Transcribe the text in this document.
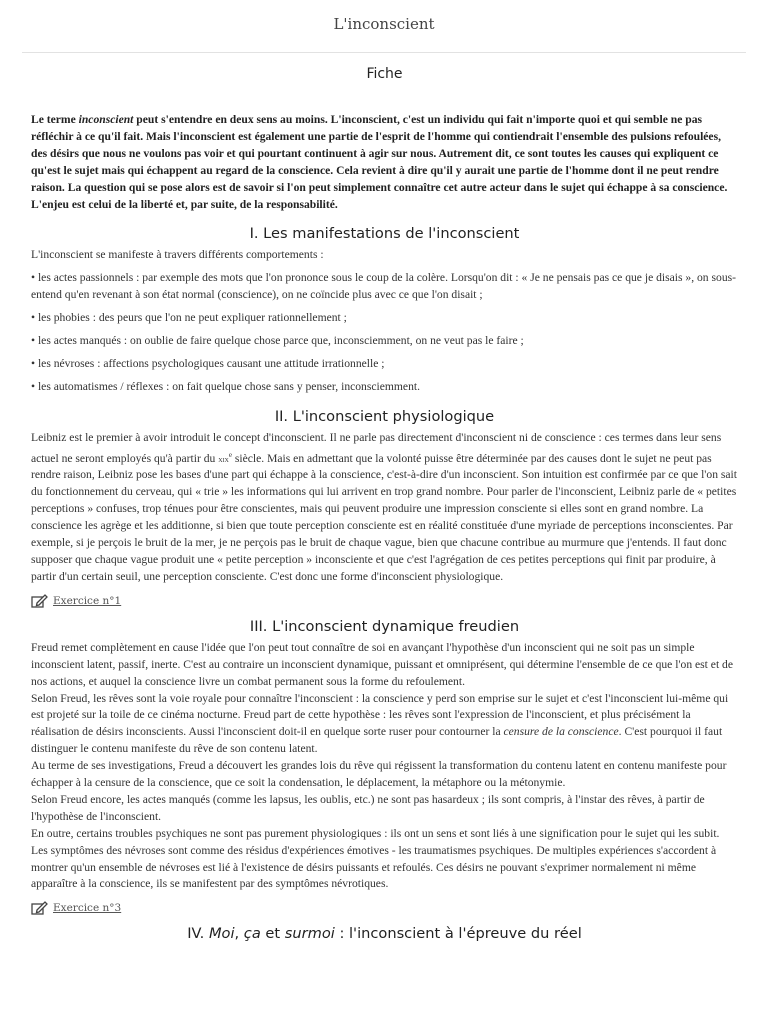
L'inconscient
Fiche

Le terme inconscient peut s'entendre en deux sens au moins. L'inconscient, c'est un individu qui fait n'importe quoi et qui semble ne pas réfléchir à ce qu'il fait. Mais l'inconscient est également une partie de l'esprit de l'homme qui contiendrait l'ensemble des pulsions refoulées, des désirs que nous ne voulons pas voir et qui pourtant continuent à agir sur nous. Autrement dit, ce sont toutes les causes qui expliquent ce qu'est le sujet mais qui échappent au regard de la conscience. Cela revient à dire qu'il y aurait une partie de l'homme dont il ne peut rendre raison. La question qui se pose alors est de savoir si l'on peut simplement connaître cet autre acteur dans le sujet qui échappe à sa conscience. L'enjeu est celui de la liberté et, par suite, de la responsabilité.

I. Les manifestations de l'inconscient

L'inconscient se manifeste à travers différents comportements :

• les actes passionnels : par exemple des mots que l'on prononce sous le coup de la colère. Lorsqu'on dit : « Je ne pensais pas ce que je disais », on sous-entend qu'en revenant à son état normal (conscience), on ne coïncide plus avec ce que l'on disait ;

• les phobies : des peurs que l'on ne peut expliquer rationnellement ;

• les actes manqués : on oublie de faire quelque chose parce que, inconsciemment, on ne veut pas le faire ;

• les névroses : affections psychologiques causant une attitude irrationnelle ;

• les automatismes / réflexes : on fait quelque chose sans y penser, inconsciemment.

II. L'inconscient physiologique

Leibniz est le premier à avoir introduit le concept d'inconscient. Il ne parle pas directement d'inconscient ni de conscience : ces termes dans leur sens actuel ne seront employés qu'à partir du xix$^e$ siècle. Mais en admettant que la volonté puisse être déterminée par des causes dont le sujet ne peut pas rendre raison, Leibniz pose les bases d'une part qui échappe à la conscience, c'est-à-dire d'un inconscient. Son intuition est confirmée par ce que l'on sait du fonctionnement du cerveau, qui « trie » les informations qui lui arrivent en trop grand nombre. Pour parler de l'inconscient, Leibniz parle de « petites perceptions » confuses, trop ténues pour être conscientes, mais qui peuvent produire une impression consciente si elles sont en grand nombre. La conscience les agrège et les additionne, si bien que toute perception consciente est en réalité constituée d'une myriade de perceptions inconscientes. Par exemple, si je perçois le bruit de la mer, je ne perçois pas le bruit de chaque vague, bien que chacune contribue au murmure que j'entends. Il faut donc supposer que chaque vague produit une « petite perception » inconsciente et que c'est l'agrégation de ces petites perceptions qui finit par produire, à partir d'un certain seuil, une perception consciente. C'est donc une forme d'inconscient physiologique.

Exercice n°1
III. L'inconscient dynamique freudien

Freud remet complètement en cause l'idée que l'on peut tout connaître de soi en avançant l'hypothèse d'un inconscient qui ne soit pas un simple inconscient latent, passif, inerte. C'est au contraire un inconscient dynamique, puissant et omniprésent, qui détermine l'ensemble de ce que l'on est et de nos actions, et auquel la conscience livre un combat permanent sous la forme du refoulement.

Selon Freud, les rêves sont la voie royale pour connaître l'inconscient : la conscience y perd son emprise sur le sujet et c'est l'inconscient lui-même qui est projeté sur la toile de ce cinéma nocturne. Freud part de cette hypothèse : les rêves sont l'expression de l'inconscient, et plus précisément la réalisation de désirs inconscients. Aussi l'inconscient doit-il en quelque sorte ruser pour contourner la censure de la conscience. C'est pourquoi il faut distinguer le contenu manifeste du rêve de son contenu latent.

Au terme de ses investigations, Freud a découvert les grandes lois du rêve qui régissent la transformation du contenu latent en contenu manifeste pour échapper à la censure de la conscience, que ce soit la condensation, le déplacement, la métaphore ou la métonymie.

Selon Freud encore, les actes manqués (comme les lapsus, les oublis, etc.) ne sont pas hasardeux ; ils sont compris, à l'instar des rêves, à partir de l'hypothèse de l'inconscient.

En outre, certains troubles psychiques ne sont pas purement physiologiques : ils ont un sens et sont liés à une signification pour le sujet qui les subit. Les symptômes des névroses sont comme des résidus d'expériences émotives - les traumatismes psychiques. De multiples expériences s'accordent à montrer qu'un ensemble de névroses est lié à l'existence de désirs puissants et refoulés. Ces désirs ne pouvant s'exprimer normalement ni même apparaître à la conscience, ils se manifestent par des symptômes névrotiques.

Exercice n°3
IV. Moi, ça et surmoi : l'inconscient à l'épreuve du réel
